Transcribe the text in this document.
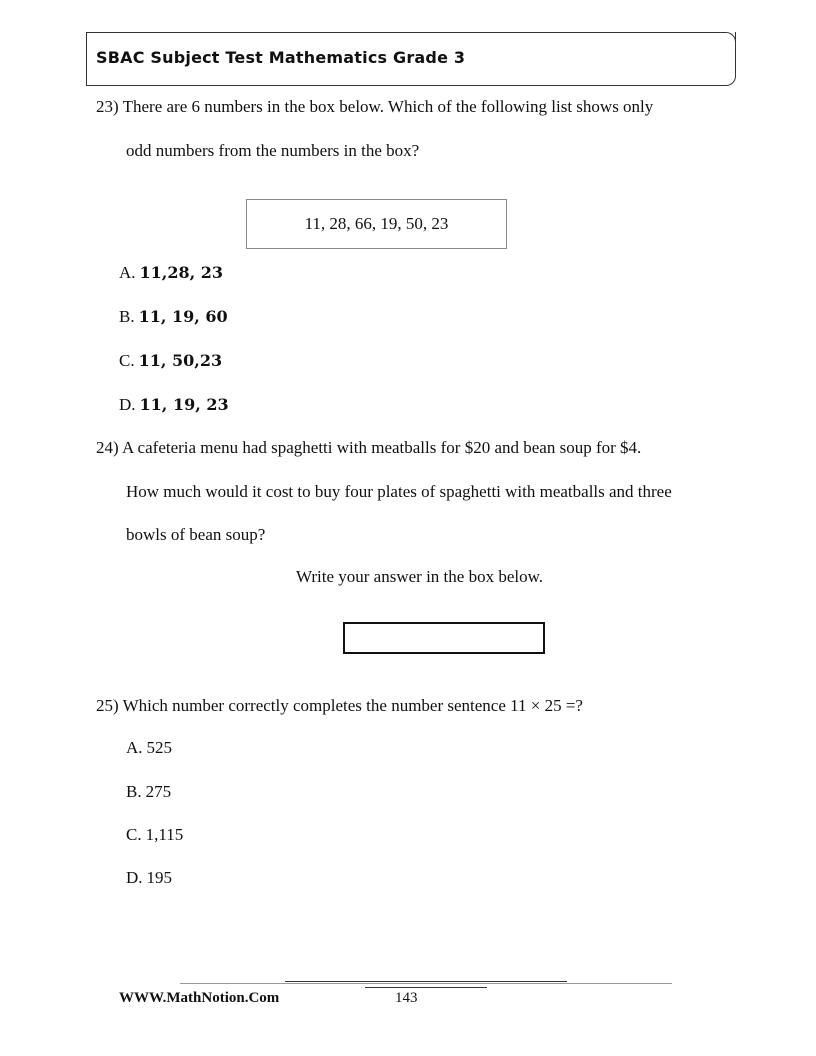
SBAC Subject Test Mathematics Grade 3
23) There are 6 numbers in the box below. Which of the following list shows only
odd numbers from the numbers in the box?
11, 28, 66, 19, 50, 23
A. 11,28, 23
B. 11, 19, 60
C. 11, 50,23
D. 11, 19, 23
24) A cafeteria menu had spaghetti with meatballs for $20 and bean soup for $4.
How much would it cost to buy four plates of spaghetti with meatballs and three
bowls of bean soup?
Write your answer in the box below.
25) Which number correctly completes the number sentence 11 × 25 =?
A. 525
B. 275
C. 1,115
D. 195
WWW.MathNotion.Com	143
